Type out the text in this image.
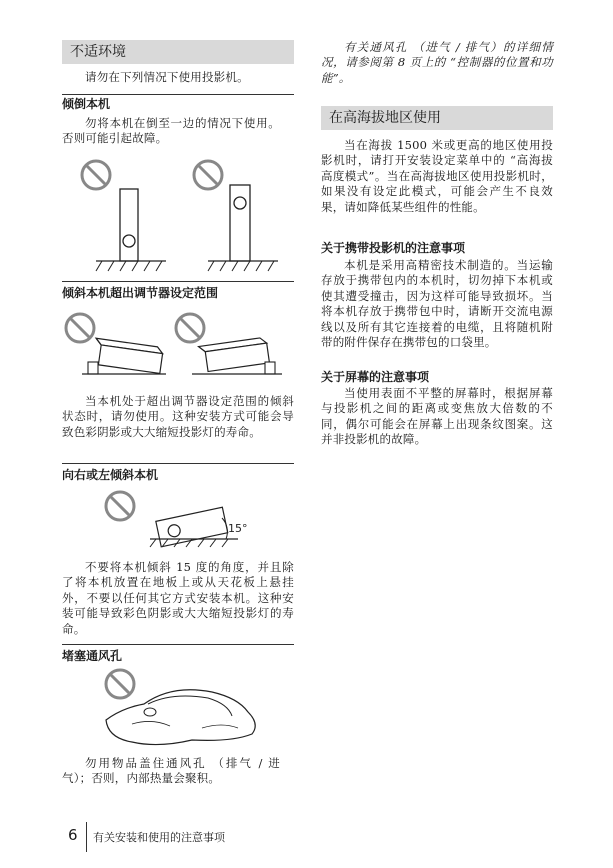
不适环境

请勿在下列情况下使用投影机。

倾倒本机

勿将本机在倒至一边的情况下使用。否则可能引起故障。

倾斜本机超出调节器设定范围

当本机处于超出调节器设定范围的倾斜状态时，请勿使用。这种安装方式可能会导致色彩阴影或大大缩短投影灯的寿命。

向右或左倾斜本机
15°

不要将本机倾斜 15 度的角度，并且除了将本机放置在地板上或从天花板上悬挂外，不要以任何其它方式安装本机。这种安装可能导致彩色阴影或大大缩短投影灯的寿命。

堵塞通风孔

勿用物品盖住通风孔 （排气 / 进气）；否则，内部热量会聚积。

有关通风孔 （进气 / 排气）的详细情况，请参阅第 8 页上的 “控制器的位置和功能”。

在高海拔地区使用

当在海拔 1500 米或更高的地区使用投影机时，请打开安装设定菜单中的 “高海拔高度模式”。当在高海拔地区使用投影机时，如果没有设定此模式，可能会产生不良效果，请如降低某些组件的性能。

关于携带投影机的注意事项

本机是采用高精密技术制造的。当运输存放于携带包内的本机时，切勿掉下本机或使其遭受撞击，因为这样可能导致损坏。当将本机存放于携带包中时，请断开交流电源线以及所有其它连接着的电缆，且将随机附带的附件保存在携带包的口袋里。

关于屏幕的注意事项

当使用表面不平整的屏幕时，根据屏幕与投影机之间的距离或变焦放大倍数的不同，偶尔可能会在屏幕上出现条纹图案。这并非投影机的故障。

6 有关安装和使用的注意事项
